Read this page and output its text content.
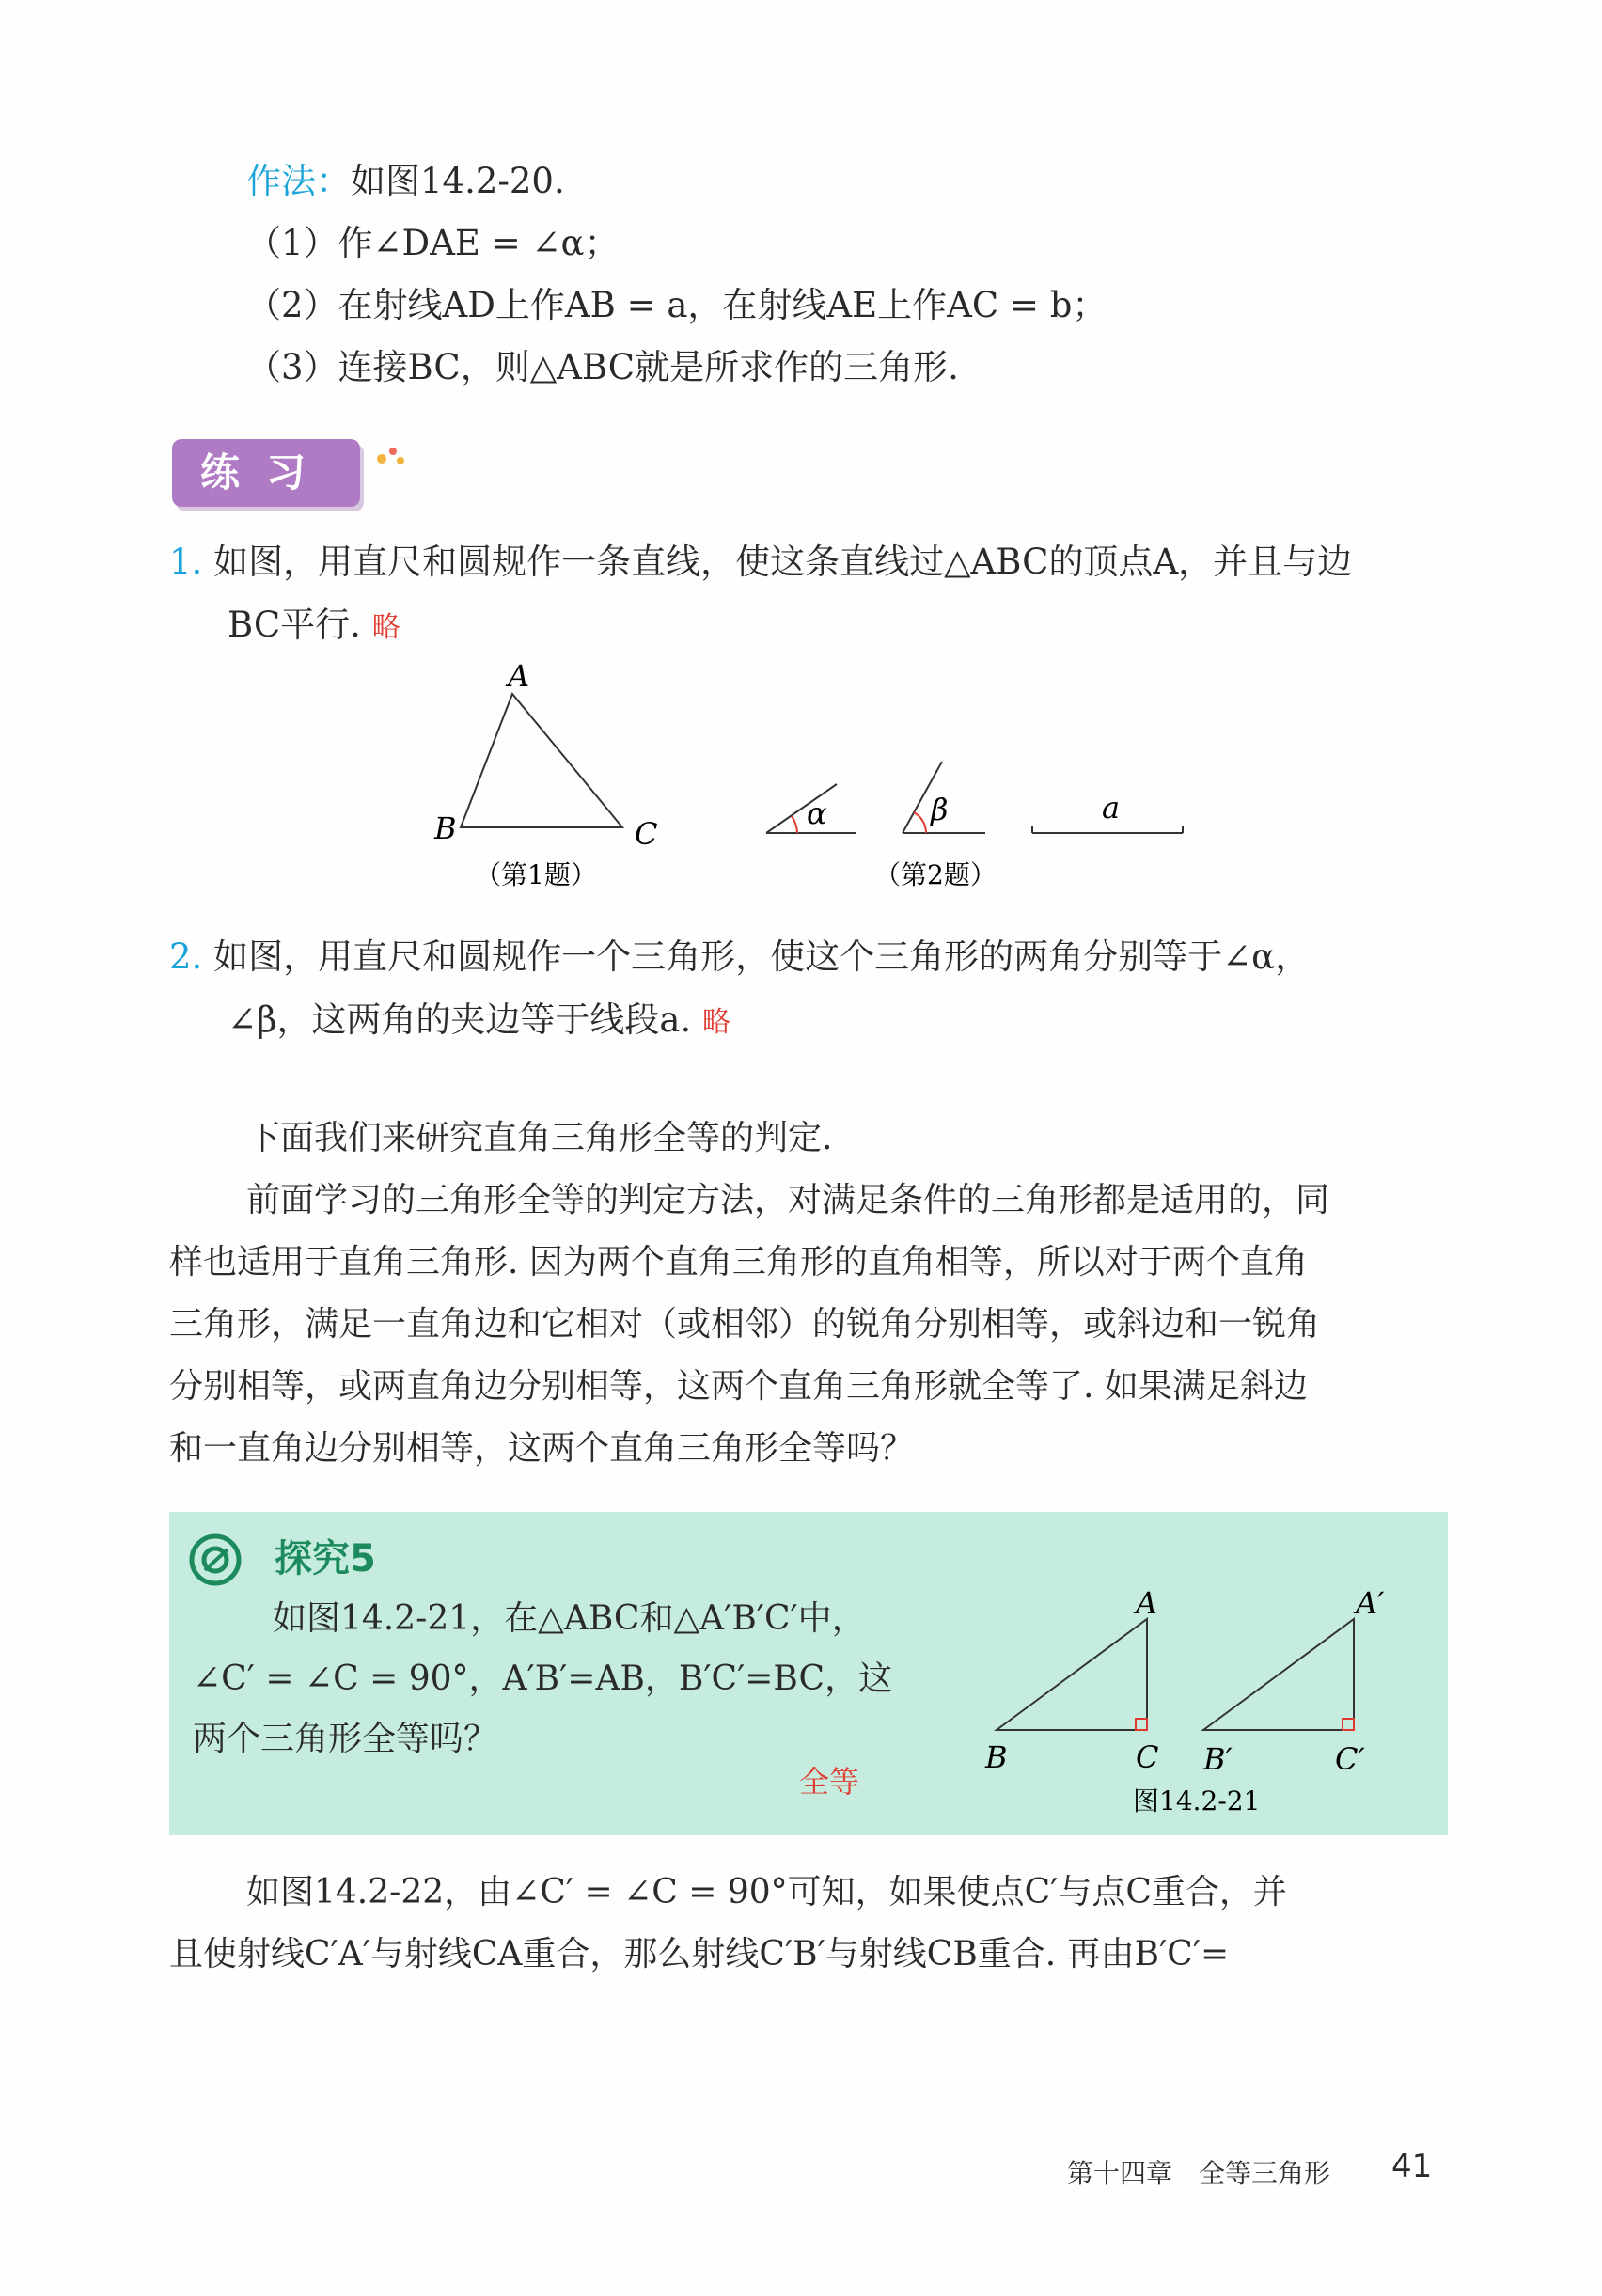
作法：如图14.2-20.
（1）作∠DAE = ∠α；
（2）在射线AD上作AB = a，在射线AE上作AC = b；
（3）连接BC，则△ABC就是所求作的三角形.
练习
1. 如图，用直尺和圆规作一条直线，使这条直线过△ABC的顶点A，并且与边
BC平行. 略
A
B	C
（第1题）
α	β	a
（第2题）
2. 如图，用直尺和圆规作一个三角形，使这个三角形的两角分别等于∠α，
∠β，这两角的夹边等于线段a. 略
下面我们来研究直角三角形全等的判定.
前面学习的三角形全等的判定方法，对满足条件的三角形都是适用的，同
样也适用于直角三角形. 因为两个直角三角形的直角相等，所以对于两个直角
三角形，满足一直角边和它相对（或相邻）的锐角分别相等，或斜边和一锐角
分别相等，或两直角边分别相等，这两个直角三角形就全等了. 如果满足斜边
和一直角边分别相等，这两个直角三角形全等吗？
探究5
如图14.2-21，在△ABC和△A′B′C′中，
∠C′ = ∠C = 90°，A′B′=AB，B′C′=BC，这
两个三角形全等吗？
全等
A
B	C
A′
B′	C′
图14.2-21
如图14.2-22，由∠C′ = ∠C = 90°可知，如果使点C′与点C重合，并
且使射线C′A′与射线CA重合，那么射线C′B′与射线CB重合. 再由B′C′=
第十四章　全等三角形 41
